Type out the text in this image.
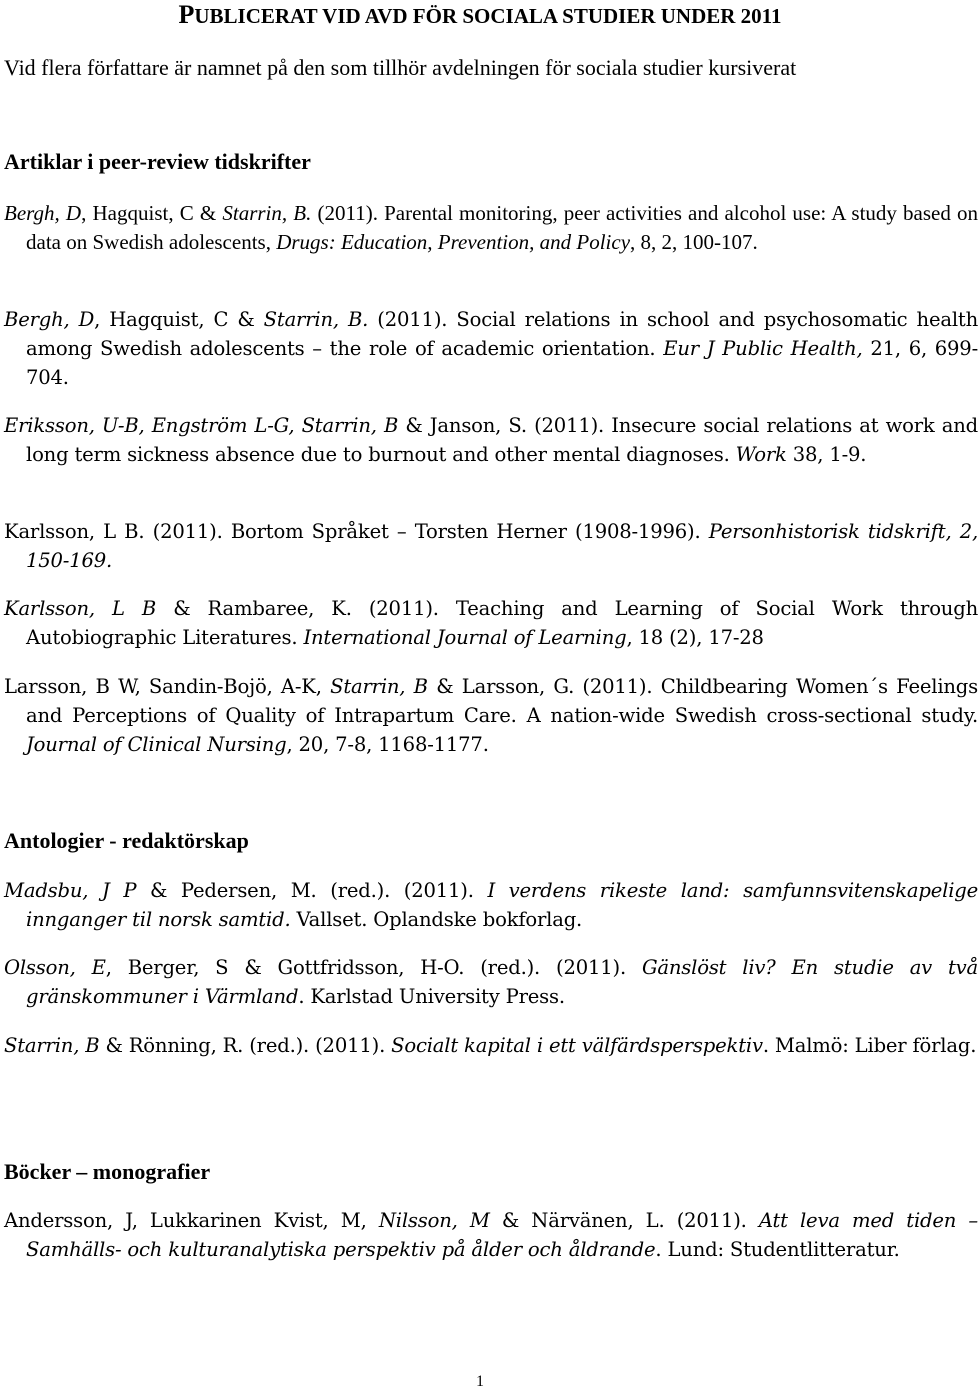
PUBLICERAT VID AVD FÖR SOCIALA STUDIER UNDER 2011
Vid flera författare är namnet på den som tillhör avdelningen för sociala studier kursiverat
Artiklar i peer-review tidskrifter
Bergh, D, Hagquist, C & Starrin, B. (2011). Parental monitoring, peer activities and alcohol use: A study based on data on Swedish adolescents, Drugs: Education, Prevention, and Policy, 8, 2, 100-107.
Bergh, D, Hagquist, C & Starrin, B. (2011). Social relations in school and psychosomatic health among Swedish adolescents – the role of academic orientation. Eur J Public Health, 21, 6, 699-704.
Eriksson, U-B, Engström L-G, Starrin, B & Janson, S. (2011). Insecure social relations at work and long term sickness absence due to burnout and other mental diagnoses. Work 38, 1-9.
Karlsson, L B. (2011). Bortom Språket – Torsten Herner (1908-1996). Personhistorisk tidskrift, 2, 150-169.
Karlsson, L B & Rambaree, K. (2011). Teaching and Learning of Social Work through Autobiographic Literatures. International Journal of Learning, 18 (2), 17-28
Larsson, B W, Sandin-Bojö, A-K, Starrin, B & Larsson, G. (2011). Childbearing Women´s Feelings and Perceptions of Quality of Intrapartum Care. A nation-wide Swedish cross-sectional study. Journal of Clinical Nursing, 20, 7-8, 1168-1177.
Antologier - redaktörskap
Madsbu, J P & Pedersen, M. (red.). (2011). I verdens rikeste land: samfunnsvitenskapelige innganger til norsk samtid. Vallset. Oplandske bokforlag.
Olsson, E, Berger, S & Gottfridsson, H-O. (red.). (2011). Gänslöst liv? En studie av två gränskommuner i Värmland. Karlstad University Press.
Starrin, B & Rönning, R. (red.). (2011). Socialt kapital i ett välfärdsperspektiv. Malmö: Liber förlag.
Böcker – monografier
Andersson, J, Lukkarinen Kvist, M, Nilsson, M & Närvänen, L. (2011). Att leva med tiden – Samhälls- och kulturanalytiska perspektiv på ålder och åldrande. Lund: Studentlitteratur.
1
